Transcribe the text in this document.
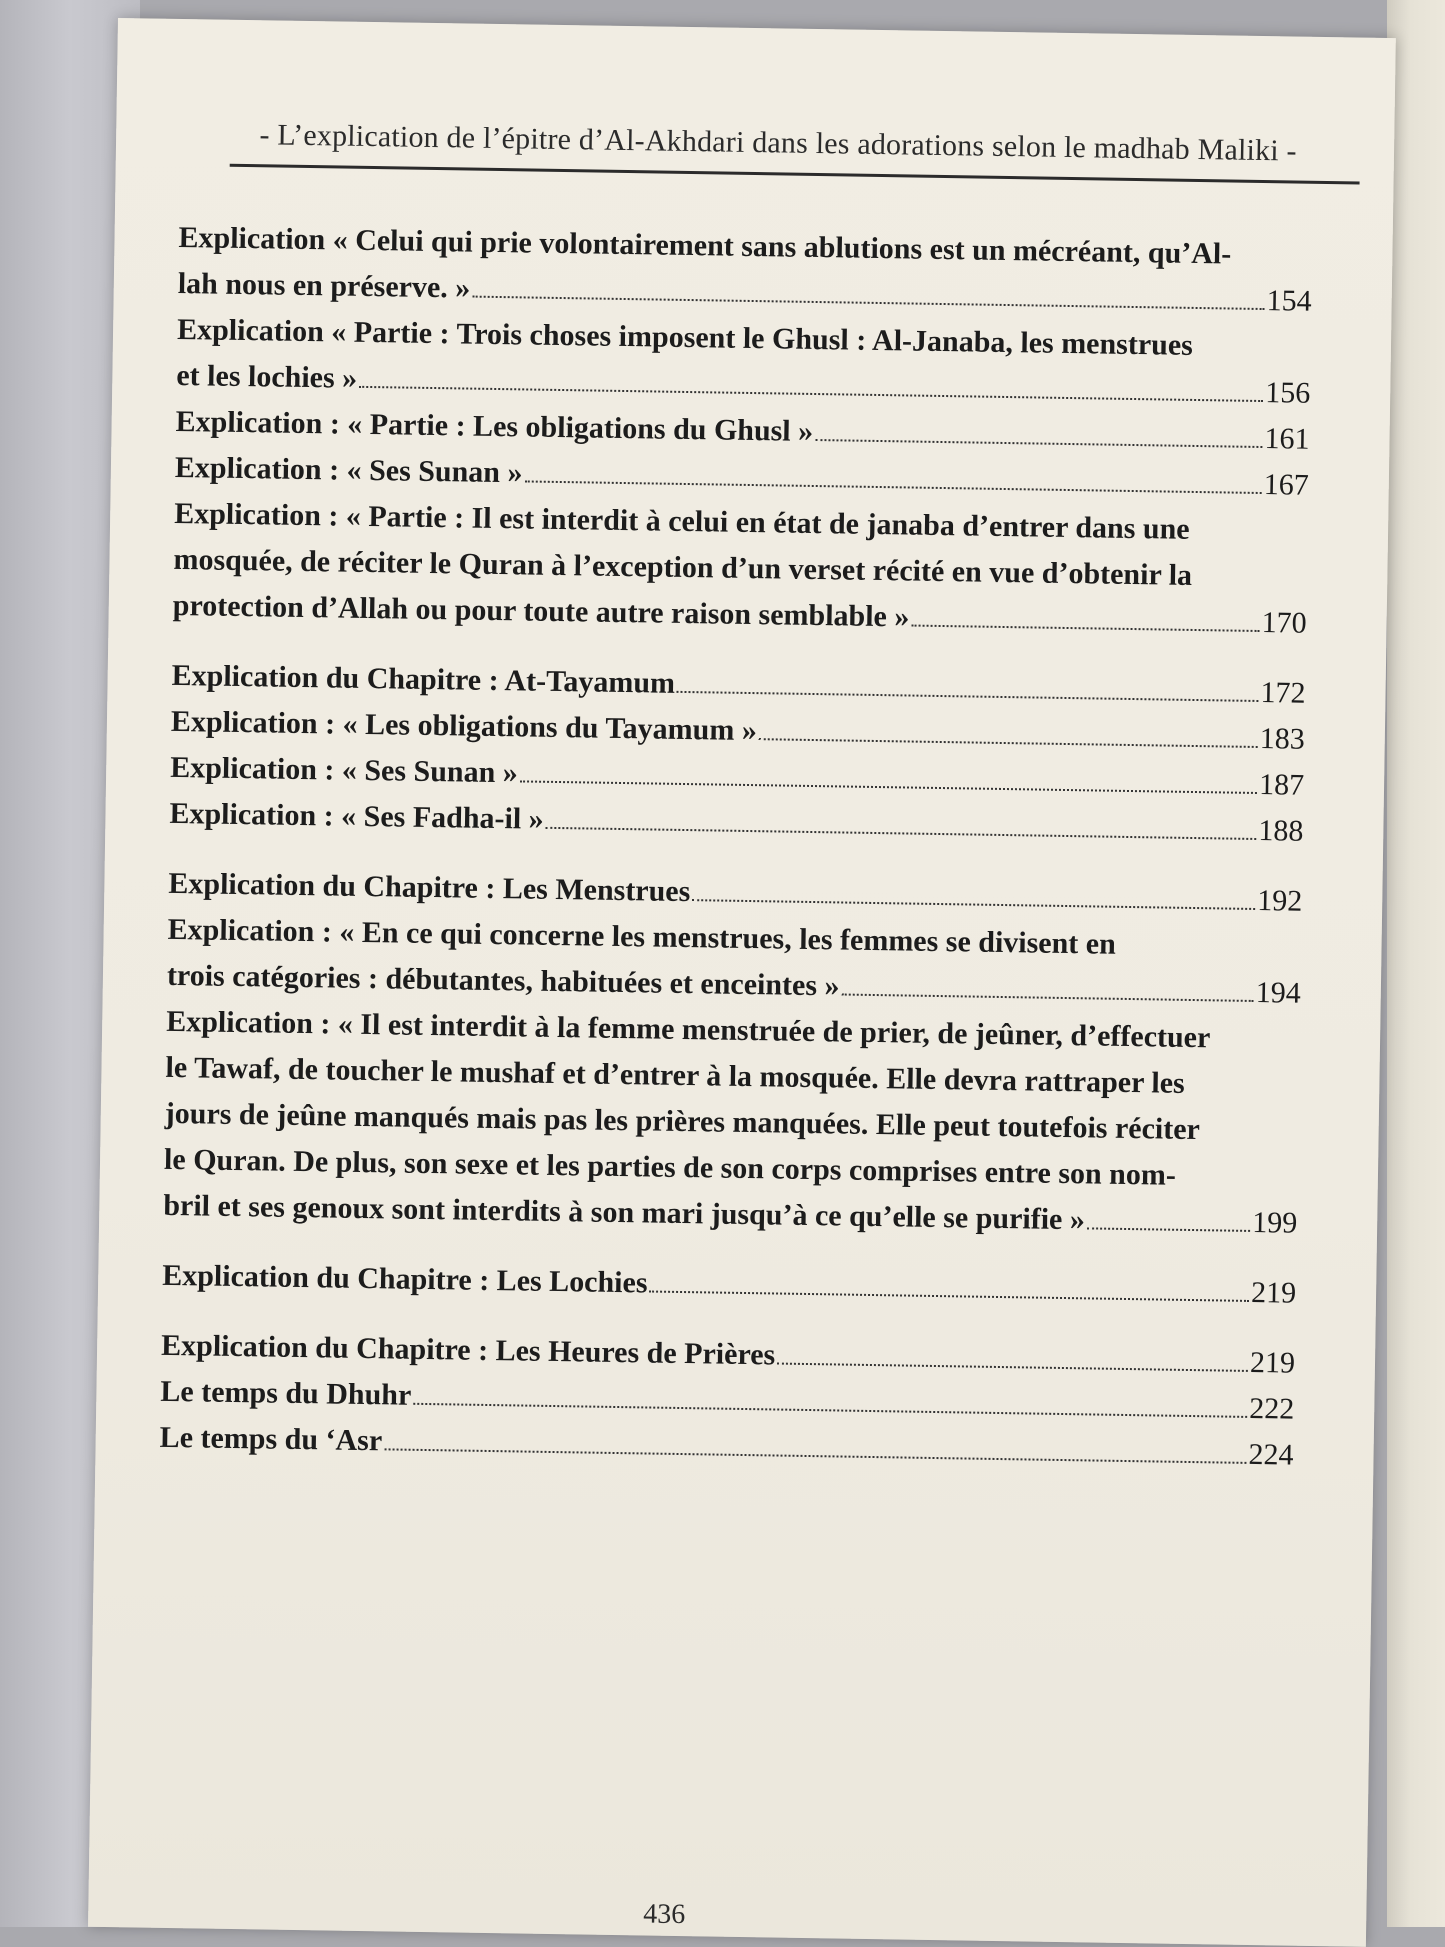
- L’explication de l’épitre d’Al-Akhdari dans les adorations selon le madhab Maliki -
Explication « Celui qui prie volontairement sans ablutions est un mécréant, qu’Al-
lah nous en préserve. »	154
Explication « Partie : Trois choses imposent le Ghusl : Al-Janaba, les menstrues
et les lochies »	156
Explication : « Partie : Les obligations du Ghusl »	161
Explication : « Ses Sunan »	167
Explication : « Partie : Il est interdit à celui en état de janaba d’entrer dans une
mosquée, de réciter le Quran à l’exception d’un verset récité en vue d’obtenir la
protection d’Allah ou pour toute autre raison semblable »	170
Explication du Chapitre : At-Tayamum	172
Explication : « Les obligations du Tayamum »	183
Explication : « Ses Sunan »	187
Explication : « Ses Fadha-il »	188
Explication du Chapitre : Les Menstrues	192
Explication : « En ce qui concerne les menstrues, les femmes se divisent en
trois catégories : débutantes, habituées et enceintes »	194
Explication : « Il est interdit à la femme menstruée de prier, de jeûner, d’effectuer
le Tawaf, de toucher le mushaf et d’entrer à la mosquée. Elle devra rattraper les
jours de jeûne manqués mais pas les prières manquées. Elle peut toutefois réciter
le Quran. De plus, son sexe et les parties de son corps comprises entre son nom-
bril et ses genoux sont interdits à son mari jusqu’à ce qu’elle se purifie »	199
Explication du Chapitre : Les Lochies	219
Explication du Chapitre : Les Heures de Prières	219
Le temps du Dhuhr	222
Le temps du ‘Asr	224
436
